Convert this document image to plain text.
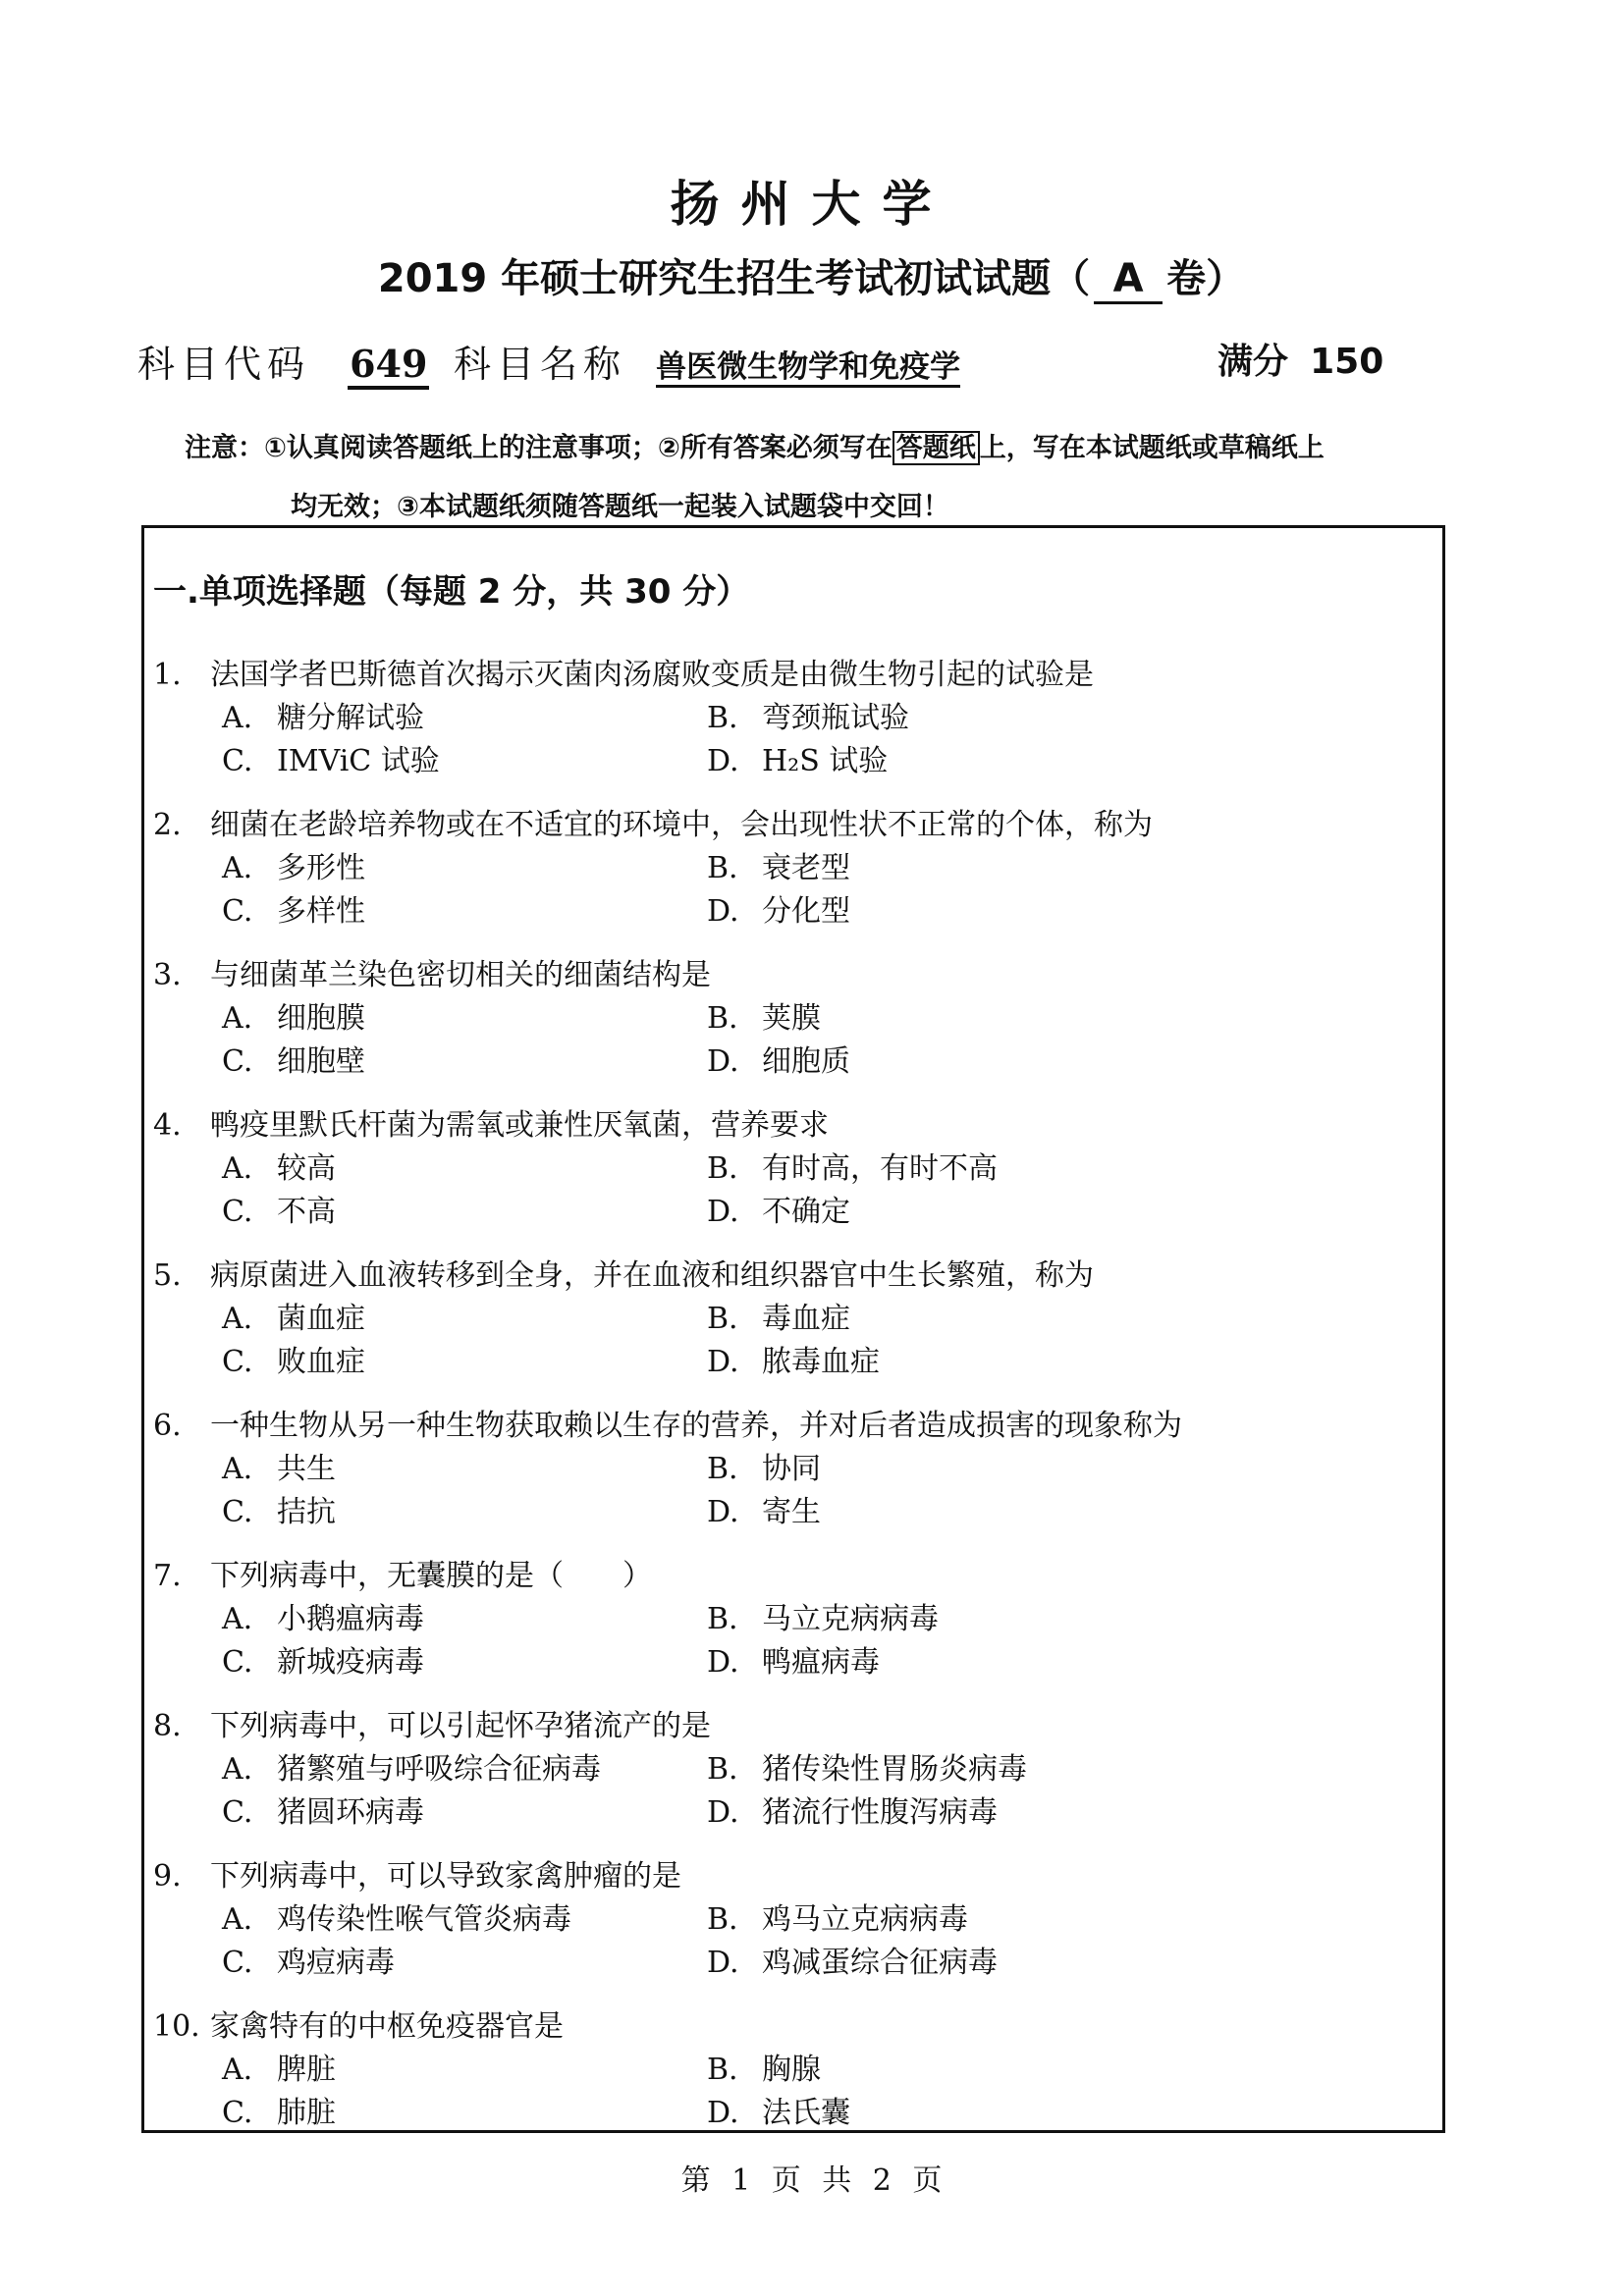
扬州大学
2019 年硕士研究生招生考试初试试题（ A 卷）
科目代码 649 科目名称 兽医微生物学和免疫学	满分 150
注意：①认真阅读答题纸上的注意事项；②所有答案必须写在 答题纸 上，写在本试题纸或草稿纸上
均无效；③本试题纸须随答题纸一起装入试题袋中交回！
一.单项选择题（每题 2 分，共 30 分）
1. 法国学者巴斯德首次揭示灭菌肉汤腐败变质是由微生物引起的试验是
A. 糖分解试验	B. 弯颈瓶试验
C. IMViC 试验	D. H₂S 试验
2. 细菌在老龄培养物或在不适宜的环境中，会出现性状不正常的个体，称为
A. 多形性	B. 衰老型
C. 多样性	D. 分化型
3. 与细菌革兰染色密切相关的细菌结构是
A. 细胞膜	B. 荚膜
C. 细胞壁	D. 细胞质
4. 鸭疫里默氏杆菌为需氧或兼性厌氧菌，营养要求
A. 较高	B. 有时高，有时不高
C. 不高	D. 不确定
5. 病原菌进入血液转移到全身，并在血液和组织器官中生长繁殖，称为
A. 菌血症	B. 毒血症
C. 败血症	D. 脓毒血症
6. 一种生物从另一种生物获取赖以生存的营养，并对后者造成损害的现象称为
A. 共生	B. 协同
C. 拮抗	D. 寄生
7. 下列病毒中，无囊膜的是（　　）
A. 小鹅瘟病毒	B. 马立克病病毒
C. 新城疫病毒	D. 鸭瘟病毒
8. 下列病毒中，可以引起怀孕猪流产的是
A. 猪繁殖与呼吸综合征病毒	B. 猪传染性胃肠炎病毒
C. 猪圆环病毒	D. 猪流行性腹泻病毒
9. 下列病毒中，可以导致家禽肿瘤的是
A. 鸡传染性喉气管炎病毒	B. 鸡马立克病病毒
C. 鸡痘病毒	D. 鸡减蛋综合征病毒
10. 家禽特有的中枢免疫器官是
A. 脾脏	B. 胸腺
C. 肺脏	D. 法氏囊
第 1 页 共 2 页
